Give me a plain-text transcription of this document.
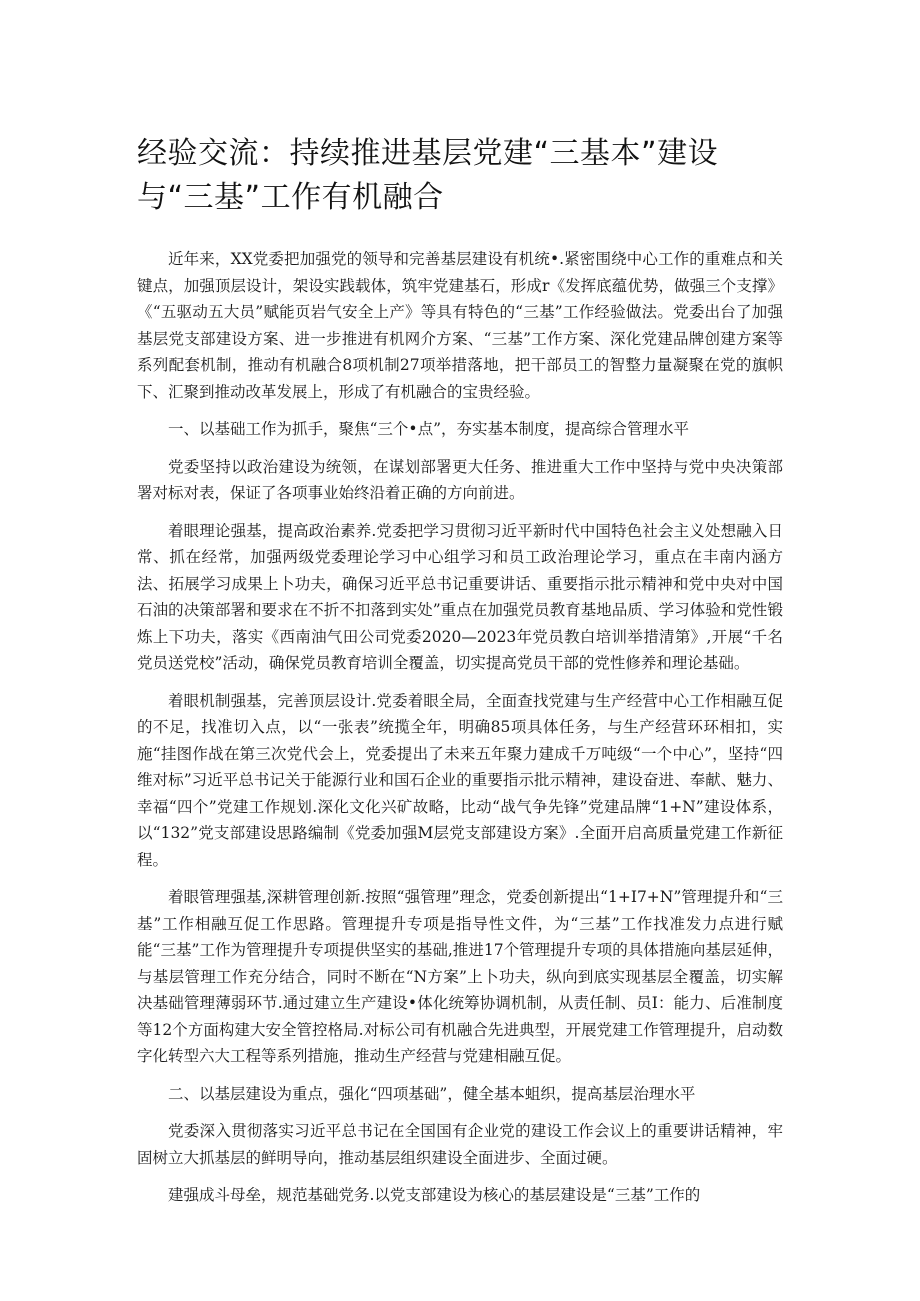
经验交流：持续推进基层党建“三基本”建设与“三基”工作有机融合

近年来，XX党委把加强党的领导和完善基层建设有机统•.紧密围绕中心工作的重难点和关键点，加强顶层设计，架设实践载体，筑牢党建基石，形成r《发挥底蕴优势，做强三个支撑》《“五驱动五大员”赋能页岩气安全上产》等具有特色的“三基”工作经验做法。党委出台了加强基层党支部建设方案、进一步推进有机网介方案、“三基”工作方案、深化党建品牌创建方案等系列配套机制，推动有机融合8项机制27项举措落地，把干部员工的智整力量凝聚在党的旗帜下、汇聚到推动改革发展上，形成了有机融合的宝贵经验。

一、以基础工作为抓手，聚焦“三个•点”，夯实基本制度，提高综合管理水平

党委坚持以政治建设为统领，在谋划部署更大任务、推进重大工作中坚持与党中央决策部署对标对表，保证了各项事业始终沿着正确的方向前进。

着眼理论强基，提高政治素养.党委把学习贯彻习近平新时代中国特色社会主义处想融入日常、抓在经常，加强两级党委理论学习中心组学习和员工政治理论学习，重点在丰南内涵方法、拓展学习成果上卜功夫，确保习近平总书记重要讲话、重要指示批示精神和党中央对中国石油的决策部署和要求在不折不扣落到实处”重点在加强党员教育基地品质、学习体验和党性锻炼上下功夫，落实《西南油气田公司党委2020—2023年党员教白培训举措清第》,开展“千名党员送党校”活动，确保党员教育培训全覆盖，切实提高党员干部的党性修养和理论基础。

着眼机制强基，完善顶层设计.党委着眼全局，全面查找党建与生产经营中心工作相融互促的不足，找准切入点，以“一张表”统揽全年，明确85项具体任务，与生产经营环环相扣，实施“挂图作战在第三次党代会上，党委提出了未来五年聚力建成千万吨级“一个中心”，坚持“四维对标”习近平总书记关于能源行业和国石企业的重要指示批示精神，建设奋进、奉献、魅力、幸福“四个”党建工作规划.深化文化兴矿故略，比动“战气争先锋”党建品牌“1+N”建设体系，以“132”党支部建设思路编制《党委加强M层党支部建设方案》.全面开启高质量党建工作新征程。

着眼管理强基,深耕管理创新.按照“强管理”理念，党委创新提出“1+I7+N”管理提升和“三基”工作相融互促工作思路。管理提升专项是指导性文件，为“三基”工作找准发力点进行赋能“三基”工作为管理提升专项提供坚实的基础,推进17个管理提升专项的具体措施向基层延伸，与基层管理工作充分结合，同时不断在“N方案”上卜功夫，纵向到底实现基层全覆盖，切实解决基础管理薄弱环节.通过建立生产建设•体化统筹协调机制，从责任制、员I：能力、后准制度等12个方面构建大安全管控格局.对标公司有机融合先进典型，开展党建工作管理提升，启动数字化转型六大工程等系列措施，推动生产经营与党建相融互促。

二、以基层建设为重点，强化“四项基础”，健全基本蛆织，提高基层治理水平

党委深入贯彻落实习近平总书记在全国国有企业党的建设工作会议上的重要讲话精神，牢固树立大抓基层的鲜明导向，推动基层组织建设全面进步、全面过硬。

建强成斗母垒，规范基础党务.以党支部建设为核心的基层建设是“三基”工作的
